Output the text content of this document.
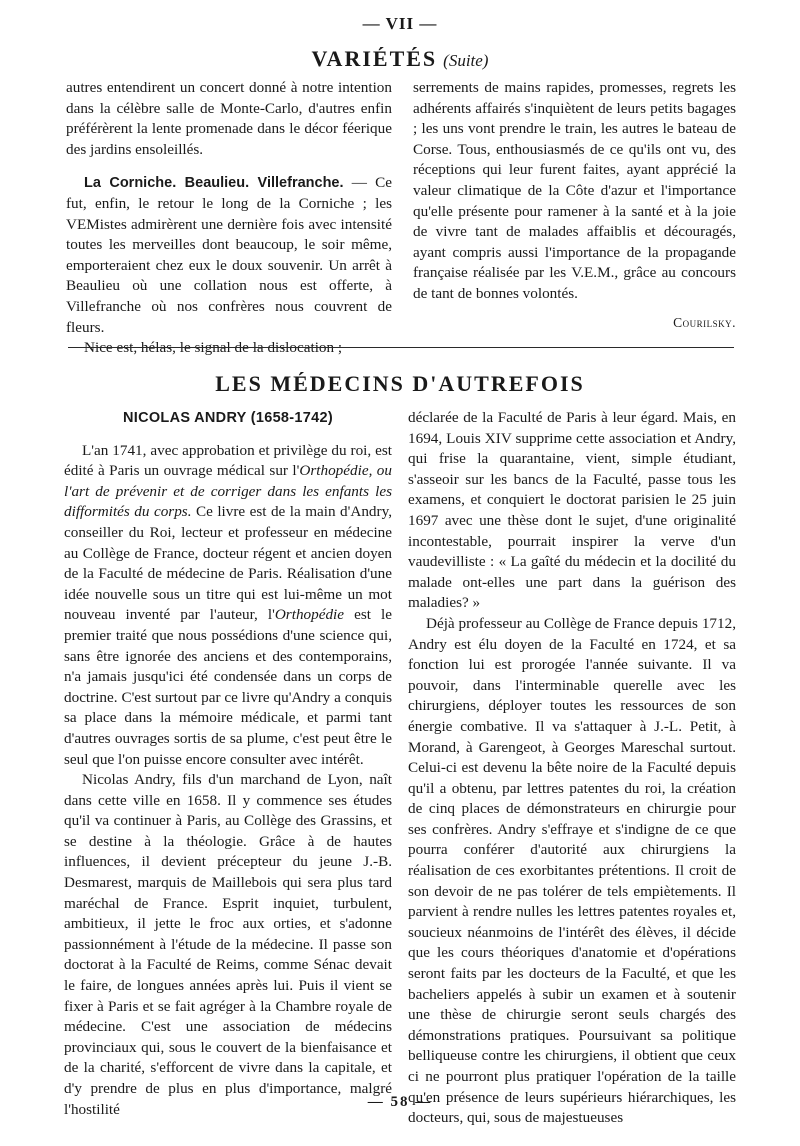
— VII —
VARIÉTÉS (Suite)

autres entendirent un concert donné à notre intention dans la célèbre salle de Monte-Carlo, d'autres enfin préférèrent la lente promenade dans le décor féerique des jardins ensoleillés.

La Corniche. Beaulieu. Villefranche. — Ce fut, enfin, le retour le long de la Corniche ; les VEMistes admirèrent une dernière fois avec intensité toutes les merveilles dont beaucoup, le soir même, emporteraient chez eux le doux souvenir. Un arrêt à Beaulieu où une collation nous est offerte, à Villefranche où nos confrères nous couvrent de fleurs.

Nice est, hélas, le signal de la dislocation ;

serrements de mains rapides, promesses, regrets les adhérents affairés s'inquiètent de leurs petits bagages ; les uns vont prendre le train, les autres le bateau de Corse. Tous, enthousiasmés de ce qu'ils ont vu, des réceptions qui leur furent faites, ayant apprécié la valeur climatique de la Côte d'azur et l'importance qu'elle présente pour ramener à la santé et à la joie de vivre tant de malades affaiblis et découragés, ayant compris aussi l'importance de la propagande française réalisée par les V.E.M., grâce au concours de tant de bonnes volontés.

Courilsky.
LES MÉDECINS D'AUTREFOIS
NICOLAS ANDRY (1658-1742)

L'an 1741, avec approbation et privilège du roi, est édité à Paris un ouvrage médical sur l'Orthopédie, ou l'art de prévenir et de corriger dans les enfants les difformités du corps. Ce livre est de la main d'Andry, conseiller du Roi, lecteur et professeur en médecine au Collège de France, docteur régent et ancien doyen de la Faculté de médecine de Paris. Réalisation d'une idée nouvelle sous un titre qui est lui-même un mot nouveau inventé par l'auteur, l'Orthopédie est le premier traité que nous possédions d'une science qui, sans être ignorée des anciens et des contemporains, n'a jamais jusqu'ici été condensée dans un corps de doctrine. C'est surtout par ce livre qu'Andry a conquis sa place dans la mémoire médicale, et parmi tant d'autres ouvrages sortis de sa plume, c'est peut être le seul que l'on puisse encore consulter avec intérêt.

Nicolas Andry, fils d'un marchand de Lyon, naît dans cette ville en 1658. Il y commence ses études qu'il va continuer à Paris, au Collège des Grassins, et se destine à la théologie. Grâce à de hautes influences, il devient précepteur du jeune J.-B. Desmarest, marquis de Maillebois qui sera plus tard maréchal de France. Esprit inquiet, turbulent, ambitieux, il jette le froc aux orties, et s'adonne passionnément à l'étude de la médecine. Il passe son doctorat à la Faculté de Reims, comme Sénac devait le faire, de longues années après lui. Puis il vient se fixer à Paris et se fait agréger à la Chambre royale de médecine. C'est une association de médecins provinciaux qui, sous le couvert de la bienfaisance et de la charité, s'efforcent de vivre dans la capitale, et d'y prendre de plus en plus d'importance, malgré l'hostilité

déclarée de la Faculté de Paris à leur égard. Mais, en 1694, Louis XIV supprime cette association et Andry, qui frise la quarantaine, vient, simple étudiant, s'asseoir sur les bancs de la Faculté, passe tous les examens, et conquiert le doctorat parisien le 25 juin 1697 avec une thèse dont le sujet, d'une originalité incontestable, pourrait inspirer la verve d'un vaudevilliste : « La gaîté du médecin et la docilité du malade ont-elles une part dans la guérison des maladies? »

Déjà professeur au Collège de France depuis 1712, Andry est élu doyen de la Faculté en 1724, et sa fonction lui est prorogée l'année suivante. Il va pouvoir, dans l'interminable querelle avec les chirurgiens, déployer toutes les ressources de son énergie combative. Il va s'attaquer à J.-L. Petit, à Morand, à Garengeot, à Georges Mareschal surtout. Celui-ci est devenu la bête noire de la Faculté depuis qu'il a obtenu, par lettres patentes du roi, la création de cinq places de démonstrateurs en chirurgie pour ses confrères. Andry s'effraye et s'indigne de ce que pourra conférer d'autorité aux chirurgiens la réalisation de ces exorbitantes prétentions. Il croit de son devoir de ne pas tolérer de tels empiètements. Il parvient à rendre nulles les lettres patentes royales et, soucieux néanmoins de l'intérêt des élèves, il décide que les cours théoriques d'anatomie et d'opérations seront faits par les docteurs de la Faculté, et que les bacheliers appelés à subir un examen et à soutenir une thèse de chirurgie seront seuls chargés des démonstrations pratiques. Poursuivant sa politique belliqueuse contre les chirurgiens, il obtient que ceux ci ne pourront plus pratiquer l'opération de la taille qu'en présence de leurs supérieurs hiérarchiques, les docteurs, qui, sous de majestueuses

— 58 —
